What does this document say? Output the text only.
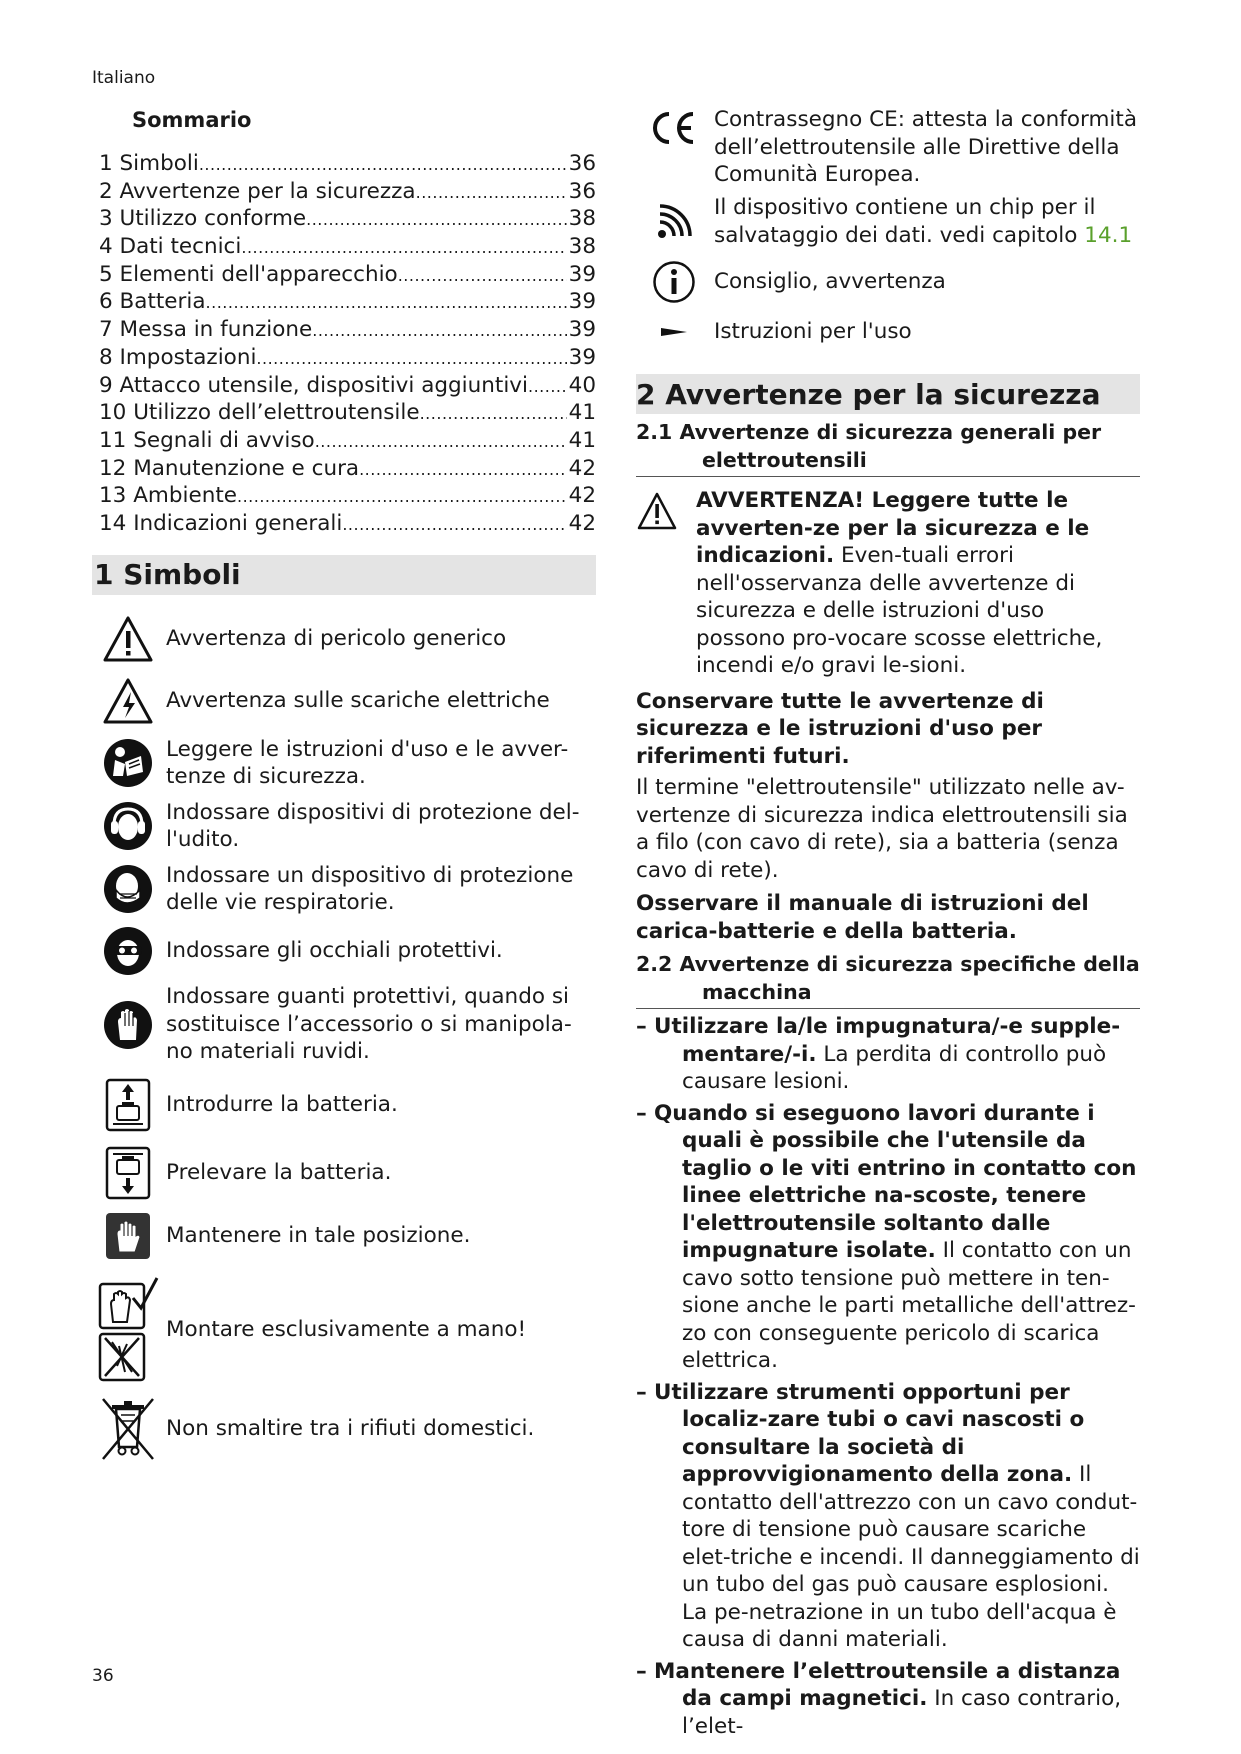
Italiano
Sommario
1 Simboli .....	36
2 Avvertenze per la sicurezza .....	36
3 Utilizzo conforme .....	38
4 Dati tecnici .....	38
5 Elementi dell'apparecchio .....	39
6 Batteria .....	39
7 Messa in funzione .....	39
8 Impostazioni .....	39
9 Attacco utensile, dispositivi aggiuntivi ..... 40
10 Utilizzo dell’elettroutensile .....	41
11 Segnali di avviso .....	41
12 Manutenzione e cura .....	42
13 Ambiente .....	42
14 Indicazioni generali .....	42
1 Simboli
Avvertenza di pericolo generico
Avvertenza sulle scariche elettriche
Leggere le istruzioni d'uso e le avver-tenze di sicurezza.
Indossare dispositivi di protezione del-l'udito.
Indossare un dispositivo di protezione delle vie respiratorie.
Indossare gli occhiali protettivi.
Indossare guanti protettivi, quando si sostituisce l’accessorio o si manipola-no materiali ruvidi.
Introdurre la batteria.
Prelevare la batteria.
Mantenere in tale posizione.
Montare esclusivamente a mano!
Non smaltire tra i rifiuti domestici.
Contrassegno CE: attesta la conformità dell’elettroutensile alle Direttive della Comunità Europea.
Il dispositivo contiene un chip per il salvataggio dei dati. vedi capitolo 14.1
Consiglio, avvertenza
Istruzioni per l'uso
2 Avvertenze per la sicurezza
2.1 Avvertenze di sicurezza generali per
elettroutensili
AVVERTENZA! Leggere tutte le avverten-ze per la sicurezza e le indicazioni. Even-tuali errori nell'osservanza delle avvertenze di sicurezza e delle istruzioni d'uso possono pro-vocare scosse elettriche, incendi e/o gravi le-sioni.
Conservare tutte le avvertenze di sicurezza e le istruzioni d'uso per riferimenti futuri.
Il termine "elettroutensile" utilizzato nelle av-vertenze di sicurezza indica elettroutensili sia a filo (con cavo di rete), sia a batteria (senza cavo di rete).
Osservare il manuale di istruzioni del carica-batterie e della batteria.
2.2 Avvertenze di sicurezza specifiche della
macchina
– Utilizzare la/le impugnatura/-e supple-mentare/-i. La perdita di controllo può causare lesioni.
– Quando si eseguono lavori durante i quali è possibile che l'utensile da taglio o le viti entrino in contatto con linee elettriche na-scoste, tenere l'elettroutensile soltanto dalle impugnature isolate. Il contatto con un cavo sotto tensione può mettere in ten-sione anche le parti metalliche dell'attrez-zo con conseguente pericolo di scarica elettrica.
– Utilizzare strumenti opportuni per localiz-zare tubi o cavi nascosti o consultare la società di approvvigionamento della zona. Il contatto dell'attrezzo con un cavo condut-tore di tensione può causare scariche elet-triche e incendi. Il danneggiamento di un tubo del gas può causare esplosioni. La pe-netrazione in un tubo dell'acqua è causa di danni materiali.
– Mantenere l’elettroutensile a distanza da campi magnetici. In caso contrario, l’elet-
36
